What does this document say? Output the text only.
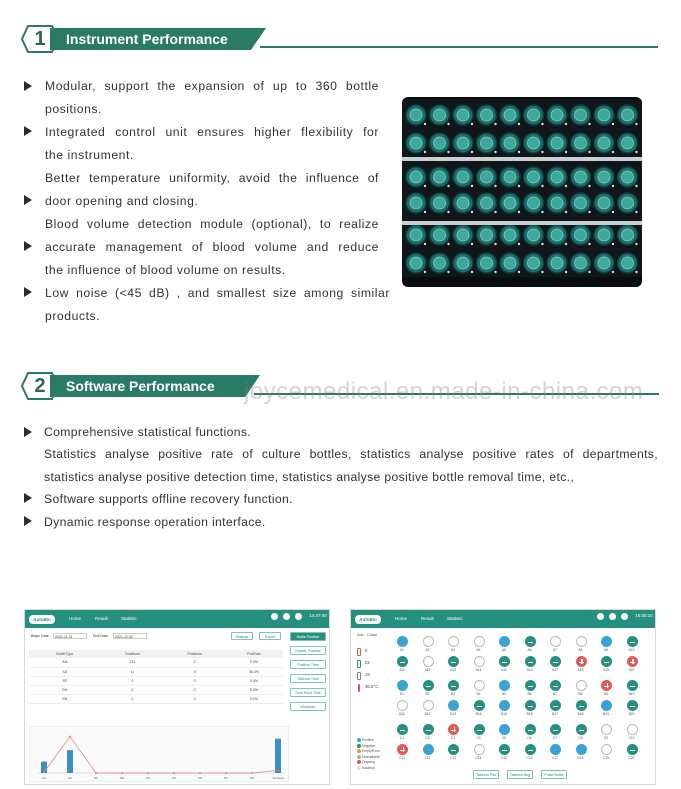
1	Instrument Performance
Modular, support the expansion of up to 360 bottle
positions.
Integrated control unit ensures higher flexibility for
the instrument.
Better temperature uniformity, avoid the influence of
door opening and closing.
Blood volume detection module (optional), to realize
accurate management of blood volume and reduce
the influence of blood volume on results.
Low noise (<45 dB) , and smallest size among similar
products.
2	Software Performance joycemedical.en.made-in-china.com
Comprehensive statistical functions.
Statistics analyse positive rate of culture bottles, statistics analyse positive rates of departments,
statistics analyse positive detection time, statistics analyse positive bottle removal time, etc.,
Software supports offline recovery function.
Dynamic response operation interface.
AutoBio	Home	Result	Statistic
14:47:40
Begin Date	2021-11-01	End Date	2021-12-02	Statistic	Export	Bottle Positive
Depart. Positive
Positive Time
Takeout Time
Sent Point Time
Workload
BottleType	TotalNum	Positives	PosRate
AN	231	2	0.9%
SA	11	4	36.4%
SF	0	0	0.0%
DH	0	0	0.0%
SN	0	0	0.0%
AN	SA	SF	DH	SN	PA	PB	PC	PD	Subtotal
AutoBio	Home	Result	Statistic
15:05:16
Inst - Close
5
22
15
36.5°C
Positive
Negative
Empty/Error
Unavailable
Ongoing
Isolation
A1	A2	A3	A4	A5	A6	A7	A8	A9	A10
A11	A12	A13	A14	A15	A16	A17	A18	A19	A20
B1	B2	B3	B4	B5	B6	B7	B8	B9	B10
B11	B12	B13	B14	B15	B16	B17	B18	B19	B20
C1	C2	C3	C4	C5	C6	C7	C8	C9	C10
C11	C12	C13	C14	C15	C16	C17	C18	C19	C20
Takeout Pos	Takeout Neg	Pulse Bottle
